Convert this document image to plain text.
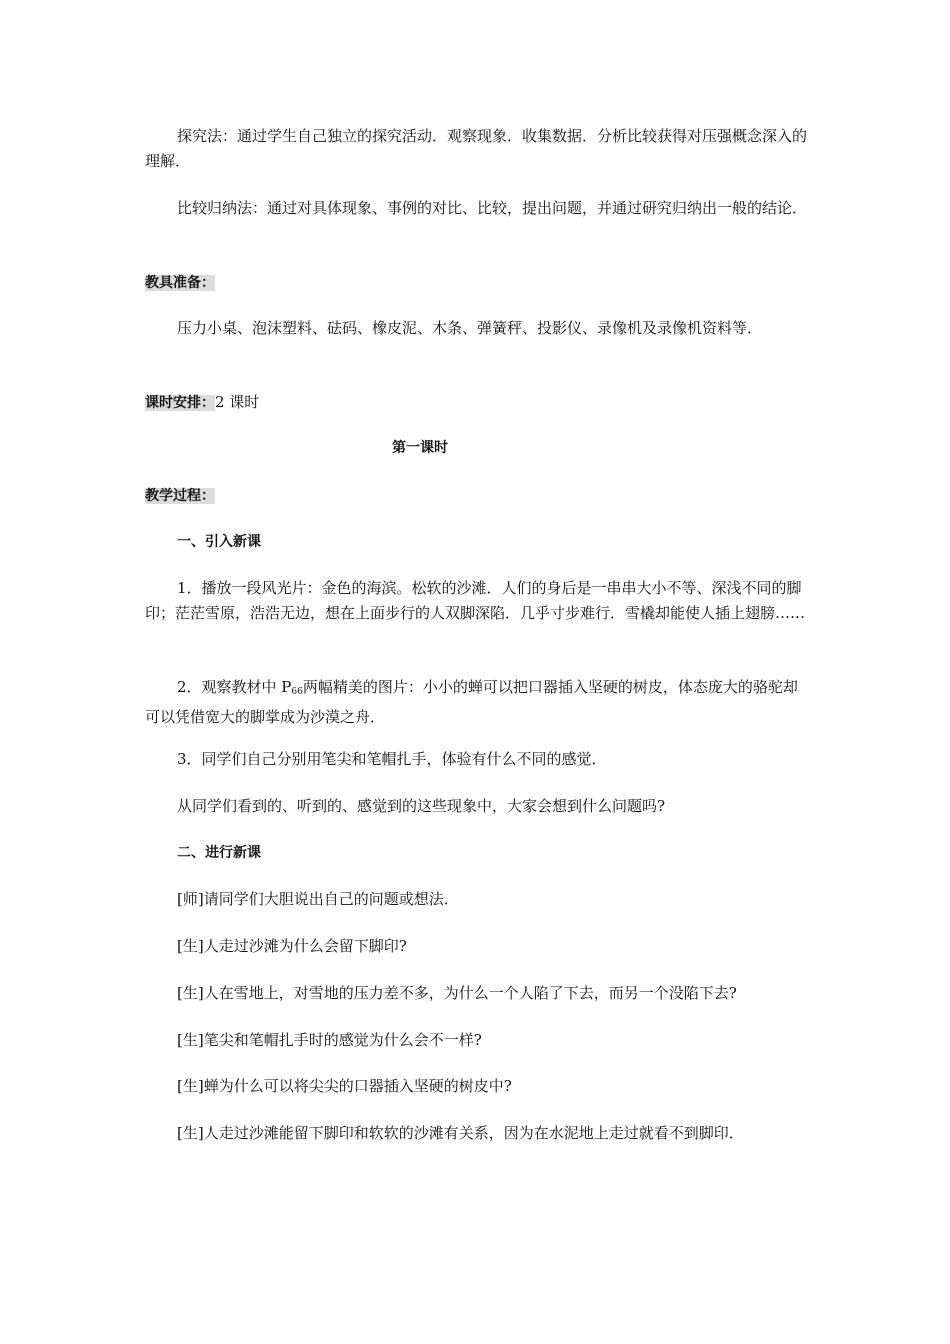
探究法：通过学生自己独立的探究活动．观察现象．收集数据．分析比较获得对压强概念深入的理解．

比较归纳法：通过对具体现象、事例的对比、比较，提出问题，并通过研究归纳出一般的结论．

教具准备：

压力小桌、泡沫塑料、砝码、橡皮泥、木条、弹簧秤、投影仪、录像机及录像机资料等．

课时安排：2 课时
第一课时
教学过程：
一、引入新课

1．播放一段风光片：金色的海滨。松软的沙滩．人们的身后是一串串大小不等、深浅不同的脚印；茫茫雪原，浩浩无边，想在上面步行的人双脚深陷．几乎寸步难行．雪橇却能使人插上翅膀……

2．观察教材中 $P_{66}$两幅精美的图片：小小的蝉可以把口器插入坚硬的树皮，体态庞大的骆驼却可以凭借宽大的脚掌成为沙漠之舟．

3．同学们自己分别用笔尖和笔帽扎手，体验有什么不同的感觉．

从同学们看到的、听到的、感觉到的这些现象中，大家会想到什么问题吗?

二、进行新课
[师]请同学们大胆说出自己的问题或想法．
[生]人走过沙滩为什么会留下脚印?
[生]人在雪地上，对雪地的压力差不多，为什么一个人陷了下去，而另一个没陷下去?
[生]笔尖和笔帽扎手时的感觉为什么会不一样?
[生]蝉为什么可以将尖尖的口器插入坚硬的树皮中?
[生]人走过沙滩能留下脚印和软软的沙滩有关系，因为在水泥地上走过就看不到脚印．
